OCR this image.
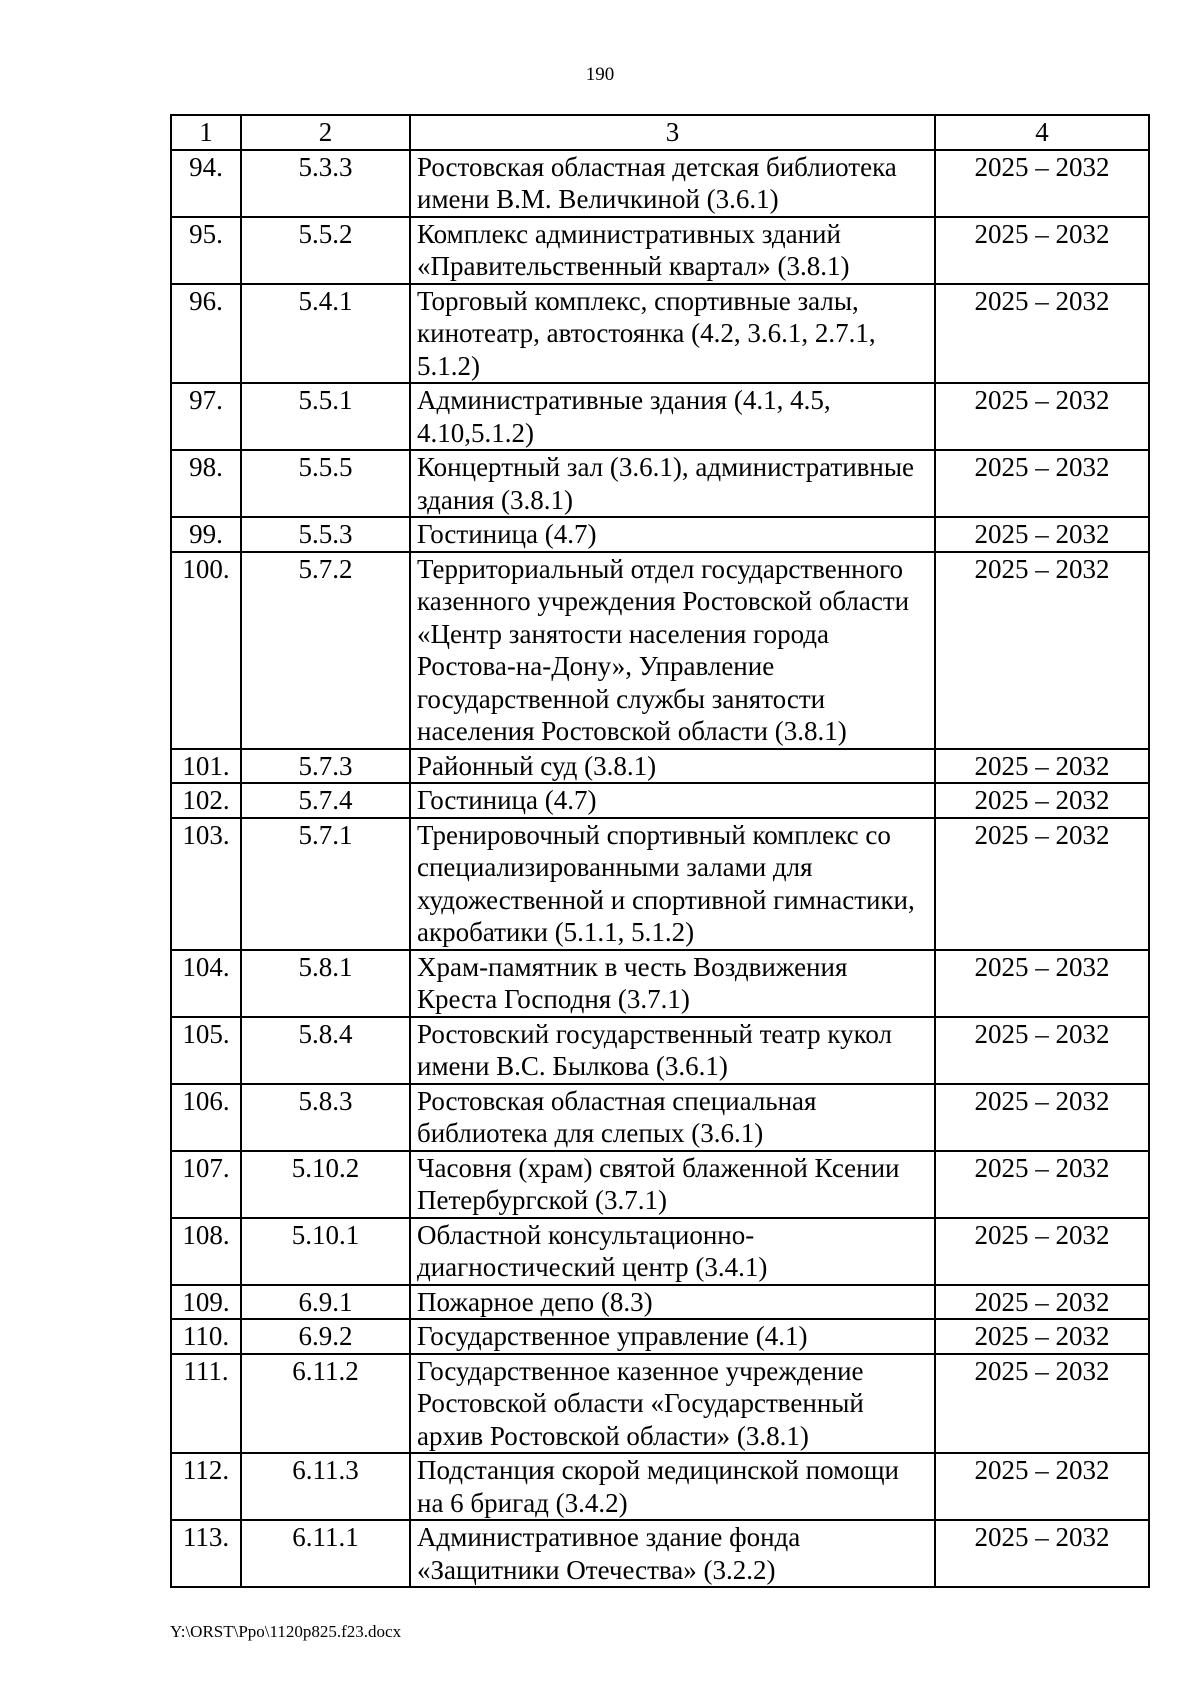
190
1	2	3	4
94.	5.3.3	Ростовская областная детская библиотека имени В.М. Величкиной (3.6.1)	2025 – 2032
95.	5.5.2	Комплекс административных зданий «Правительственный квартал» (3.8.1)	2025 – 2032
96.	5.4.1	Торговый комплекс, спортивные залы, кинотеатр, автостоянка (4.2, 3.6.1, 2.7.1, 5.1.2)	2025 – 2032
97.	5.5.1	Административные здания (4.1, 4.5, 4.10,5.1.2)	2025 – 2032
98.	5.5.5	Концертный зал (3.6.1), административные здания (3.8.1)	2025 – 2032
99.	5.5.3	Гостиница (4.7)	2025 – 2032
100.	5.7.2	Территориальный отдел государственного казенного учреждения Ростовской области «Центр занятости населения города Ростова-на-Дону», Управление государственной службы занятости населения Ростовской области (3.8.1)	2025 – 2032
101.	5.7.3	Районный суд (3.8.1)	2025 – 2032
102.	5.7.4	Гостиница (4.7)	2025 – 2032
103.	5.7.1	Тренировочный спортивный комплекс со специализированными залами для художественной и спортивной гимнастики, акробатики (5.1.1, 5.1.2)	2025 – 2032
104.	5.8.1	Храм-памятник в честь Воздвижения Креста Господня (3.7.1)	2025 – 2032
105.	5.8.4	Ростовский государственный театр кукол имени В.С. Былкова (3.6.1)	2025 – 2032
106.	5.8.3	Ростовская областная специальная библиотека для слепых (3.6.1)	2025 – 2032
107.	5.10.2	Часовня (храм) святой блаженной Ксении Петербургской (3.7.1)	2025 – 2032
108.	5.10.1	Областной консультационно-диагностический центр (3.4.1)	2025 – 2032
109.	6.9.1	Пожарное депо (8.3)	2025 – 2032
110.	6.9.2	Государственное управление (4.1)	2025 – 2032
111.	6.11.2	Государственное казенное учреждение Ростовской области «Государственный архив Ростовской области» (3.8.1)	2025 – 2032
112.	6.11.3	Подстанция скорой медицинской помощи на 6 бригад (3.4.2)	2025 – 2032
113.	6.11.1	Административное здание фонда «Защитники Отечества» (3.2.2)	2025 – 2032
Y:\ORST\Ppo\1120p825.f23.docx
